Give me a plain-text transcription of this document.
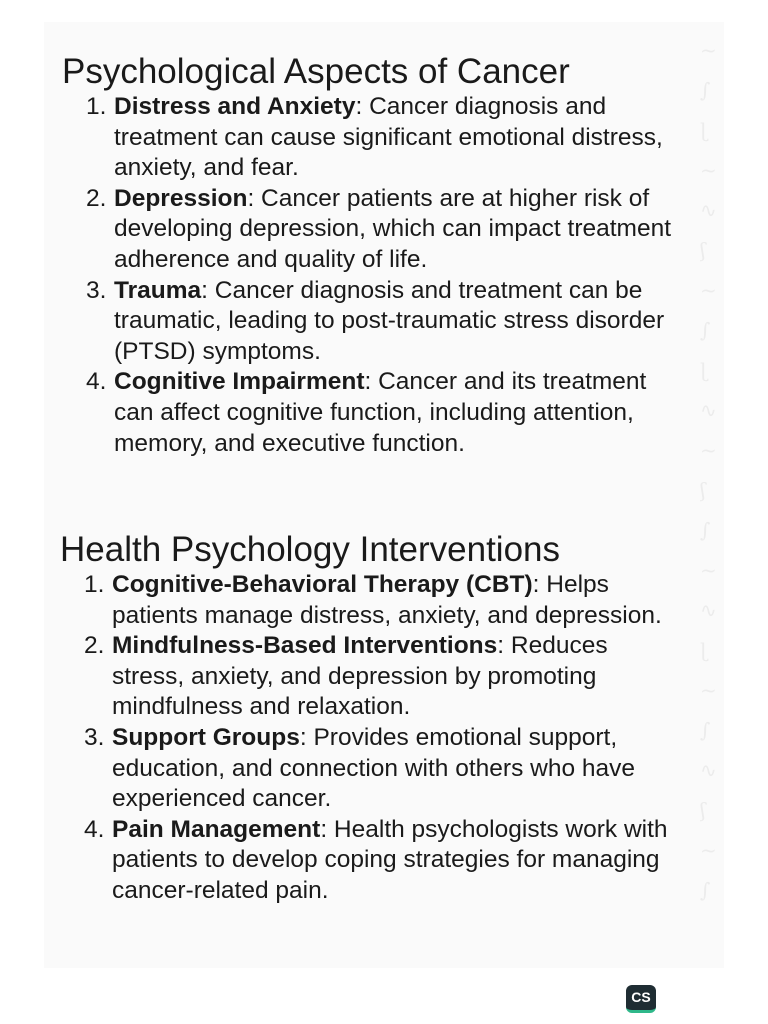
~
∫
ɭ
~
∿
ʃ
~
∫
ɭ
∿
~
ʃ
∫
~
∿
ɭ
~
∫
∿
ʃ
~
∫
Psychological Aspects of Cancer
1. Distress and Anxiety: Cancer diagnosis and treatment can cause significant emotional distress, anxiety, and fear.
2. Depression: Cancer patients are at higher risk of developing depression, which can impact treatment adherence and quality of life.
3. Trauma: Cancer diagnosis and treatment can be traumatic, leading to post-traumatic stress disorder (PTSD) symptoms.
4. Cognitive Impairment: Cancer and its treatment can affect cognitive function, including attention, memory, and executive function.
Health Psychology Interventions
1. Cognitive-Behavioral Therapy (CBT): Helps patients manage distress, anxiety, and depression.
2. Mindfulness-Based Interventions: Reduces stress, anxiety, and depression by promoting mindfulness and relaxation.
3. Support Groups: Provides emotional support, education, and connection with others who have experienced cancer.
4. Pain Management: Health psychologists work with patients to develop coping strategies for managing cancer-related pain.
CS
